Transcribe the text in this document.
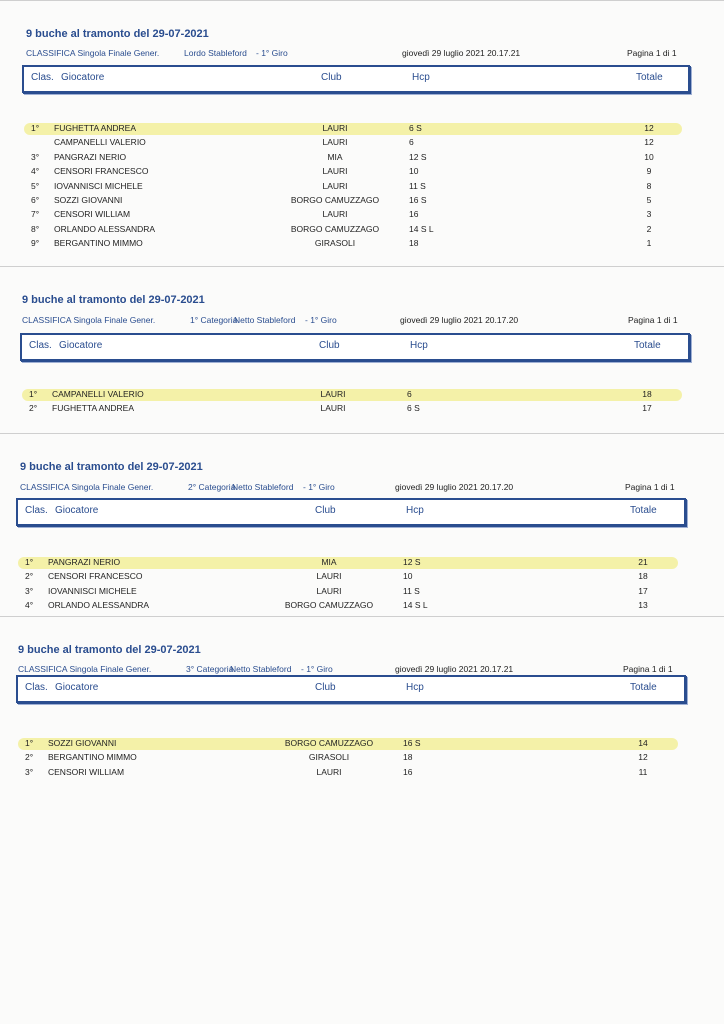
9 buche al tramonto del 29-07-2021
CLASSIFICA Singola Finale Gener.	Lordo Stableford - 1° Giro	giovedì 29 luglio 2021 20.17.21	Pagina 1 di 1
Clas. Giocatore	Club	Hcp	Totale
1° FUGHETTA ANDREA	LAURI	6 S	12
CAMPANELLI VALERIO	LAURI	6	12
3° PANGRAZI NERIO	MIA	12 S	10
4° CENSORI FRANCESCO	LAURI	10	9
5° IOVANNISCI MICHELE	LAURI	11 S	8
6° SOZZI GIOVANNI	BORGO CAMUZZAGO	16 S	5
7° CENSORI WILLIAM	LAURI	16	3
8° ORLANDO ALESSANDRA	BORGO CAMUZZAGO	14 S L	2
9° BERGANTINO MIMMO	GIRASOLI	18	1
9 buche al tramonto del 29-07-2021
CLASSIFICA Singola Finale Gener.	1° Categoria
Netto Stableford - 1° Giro	giovedì 29 luglio 2021 20.17.20	Pagina 1 di 1
Clas. Giocatore	Club	Hcp	Totale
1° CAMPANELLI VALERIO	LAURI	6	18
2° FUGHETTA ANDREA	LAURI	6 S	17
9 buche al tramonto del 29-07-2021
CLASSIFICA Singola Finale Gener.	2° Categoria
Netto Stableford - 1° Giro	giovedì 29 luglio 2021 20.17.20	Pagina 1 di 1
Clas. Giocatore	Club	Hcp	Totale
1° PANGRAZI NERIO	MIA	12 S	21
2° CENSORI FRANCESCO	LAURI	10	18
3° IOVANNISCI MICHELE	LAURI	11 S	17
4° ORLANDO ALESSANDRA	BORGO CAMUZZAGO	14 S L	13
9 buche al tramonto del 29-07-2021
CLASSIFICA Singola Finale Gener.	3° Categoria
Netto Stableford - 1° Giro	giovedì 29 luglio 2021 20.17.21	Pagina 1 di 1
Clas. Giocatore	Club	Hcp	Totale
1° SOZZI GIOVANNI	BORGO CAMUZZAGO	16 S	14
2° BERGANTINO MIMMO	GIRASOLI	18	12
3° CENSORI WILLIAM	LAURI	16	11
